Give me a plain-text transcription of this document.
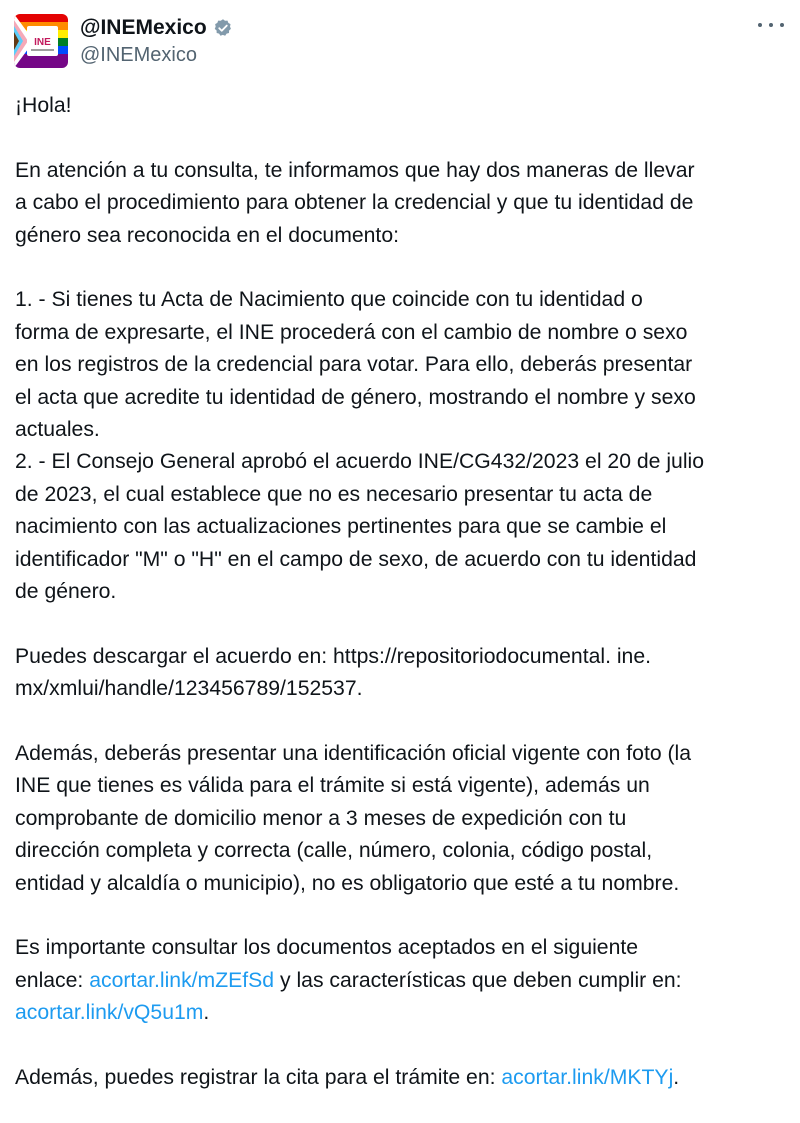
INE
@INEMexico
@INEMexico

¡Hola!

En atención a tu consulta, te informamos que hay dos maneras de llevar

a cabo el procedimiento para obtener la credencial y que tu identidad de

género sea reconocida en el documento:

1. - Si tienes tu Acta de Nacimiento que coincide con tu identidad o

forma de expresarte, el INE procederá con el cambio de nombre o sexo

en los registros de la credencial para votar. Para ello, deberás presentar

el acta que acredite tu identidad de género, mostrando el nombre y sexo

actuales.

2. - El Consejo General aprobó el acuerdo INE/CG432/2023 el 20 de julio

de 2023, el cual establece que no es necesario presentar tu acta de

nacimiento con las actualizaciones pertinentes para que se cambie el

identificador "M" o "H" en el campo de sexo, de acuerdo con tu identidad

de género.

Puedes descargar el acuerdo en: https://repositoriodocumental. ine.

mx/xmlui/handle/123456789/152537.

Además, deberás presentar una identificación oficial vigente con foto (la

INE que tienes es válida para el trámite si está vigente), además un

comprobante de domicilio menor a 3 meses de expedición con tu

dirección completa y correcta (calle, número, colonia, código postal,

entidad y alcaldía o municipio), no es obligatorio que esté a tu nombre.

Es importante consultar los documentos aceptados en el siguiente

enlace: acortar.link/mZEfSd y las características que deben cumplir en:

acortar.link/vQ5u1m.

Además, puedes registrar la cita para el trámite en: acortar.link/MKTYj.
